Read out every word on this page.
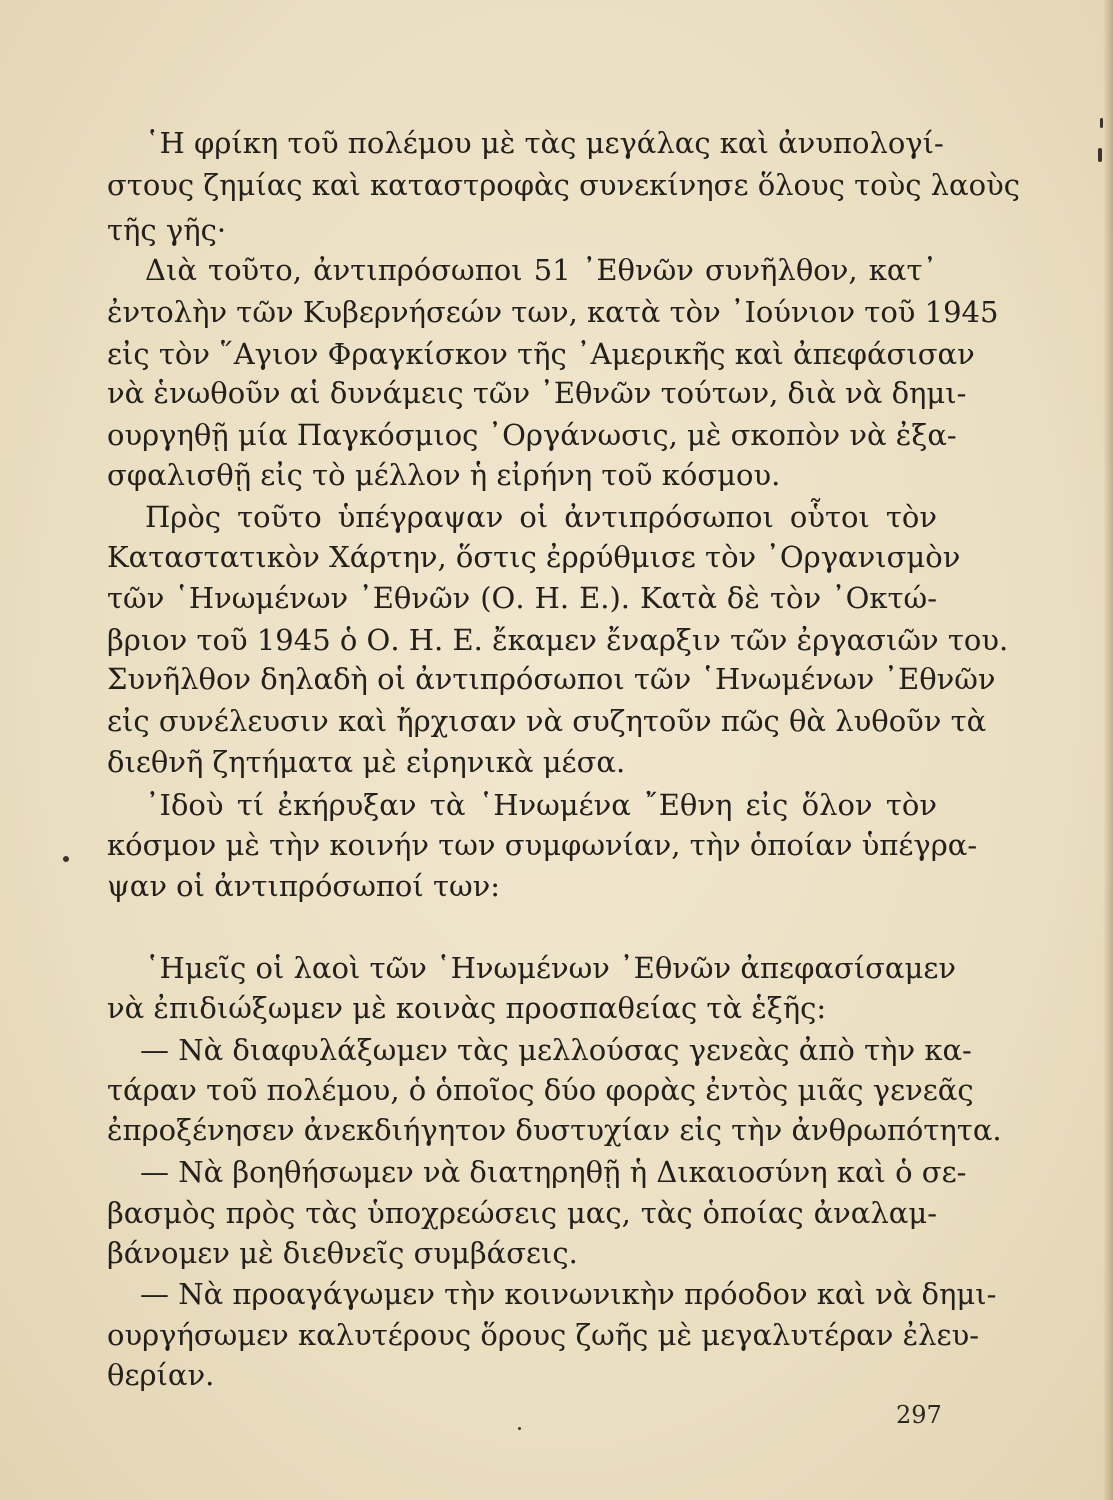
῾Η φρίκη τοῦ πολέμου μὲ τὰς μεγάλας καὶ ἀνυπολογί-
στους ζημίας καὶ καταστροφὰς συνεκίνησε ὅλους τοὺς λαοὺς
τῆς γῆς·
Διὰ τοῦτο, ἀντιπρόσωποι 51 ᾿Εθνῶν συνῆλθον, κατ᾿
ἐντολὴν τῶν Κυβερνήσεών των, κατὰ τὸν ᾿Ιούνιον τοῦ 1945
εἰς τὸν ῞Αγιον Φραγκίσκον τῆς ᾿Αμερικῆς καὶ ἀπεφάσισαν
νὰ ἑνωθοῦν αἱ δυνάμεις τῶν ᾿Εθνῶν τούτων, διὰ νὰ δημι-
ουργηθῇ μία Παγκόσμιος ᾿Οργάνωσις, μὲ σκοπὸν νὰ ἐξα-
σφαλισθῇ εἰς τὸ μέλλον ἡ εἰρήνη τοῦ κόσμου.
Πρὸς τοῦτο ὑπέγραψαν οἱ ἀντιπρόσωποι οὗτοι τὸν
Καταστατικὸν Χάρτην, ὅστις ἐρρύθμισε τὸν ᾿Οργανισμὸν
τῶν ῾Ηνωμένων ᾿Εθνῶν (Ο. Η. Ε.). Κατὰ δὲ τὸν ᾿Οκτώ-
βριον τοῦ 1945 ὁ Ο. Η. Ε. ἔκαμεν ἔναρξιν τῶν ἐργασιῶν του.
Συνῆλθον δηλαδὴ οἱ ἀντιπρόσωποι τῶν ῾Ηνωμένων ᾿Εθνῶν
εἰς συνέλευσιν καὶ ἤρχισαν νὰ συζητοῦν πῶς θὰ λυθοῦν τὰ
διεθνῆ ζητήματα μὲ εἰρηνικὰ μέσα.
᾿Ιδοὺ τί ἐκήρυξαν τὰ ῾Ηνωμένα ῎Εθνη εἰς ὅλον τὸν
κόσμον μὲ τὴν κοινήν των συμφωνίαν, τὴν ὁποίαν ὑπέγρα-
ψαν οἱ ἀντιπρόσωποί των:
῾Ημεῖς οἱ λαοὶ τῶν ῾Ηνωμένων ᾿Εθνῶν ἀπεφασίσαμεν
νὰ ἐπιδιώξωμεν μὲ κοινὰς προσπαθείας τὰ ἑξῆς:
— Νὰ διαφυλάξωμεν τὰς μελλούσας γενεὰς ἀπὸ τὴν κα-
τάραν τοῦ πολέμου, ὁ ὁποῖος δύο φορὰς ἐντὸς μιᾶς γενεᾶς
ἐπροξένησεν ἀνεκδιήγητον δυστυχίαν εἰς τὴν ἀνθρωπότητα.
— Νὰ βοηθήσωμεν νὰ διατηρηθῇ ἡ Δικαιοσύνη καὶ ὁ σε-
βασμὸς πρὸς τὰς ὑποχρεώσεις μας, τὰς ὁποίας ἀναλαμ-
βάνομεν μὲ διεθνεῖς συμβάσεις.
— Νὰ προαγάγωμεν τὴν κοινωνικὴν πρόοδον καὶ νὰ δημι-
ουργήσωμεν καλυτέρους ὅρους ζωῆς μὲ μεγαλυτέραν ἐλευ-
θερίαν.
297
